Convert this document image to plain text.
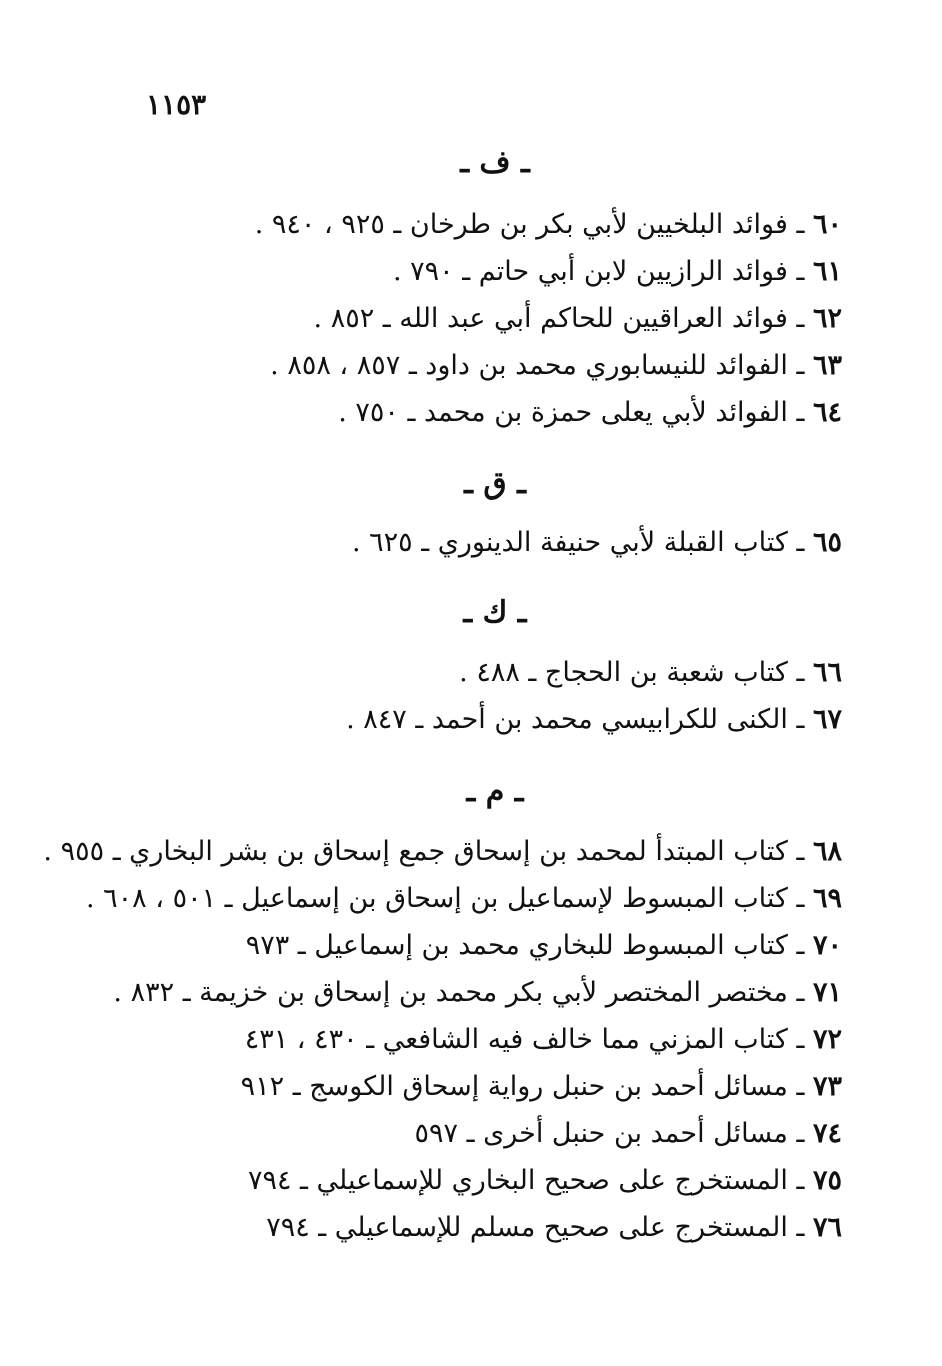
١١٥٣
ـ ف ـ
٦٠ ـ فوائد البلخيين لأبي بكر بن طرخان ـ ٩٢٥ ، ٩٤٠ .
٦١ ـ فوائد الرازيين لابن أبي حاتم ـ ٧٩٠ .
٦٢ ـ فوائد العراقيين للحاكم أبي عبد الله ـ ٨٥٢ .
٦٣ ـ الفوائد للنيسابوري محمد بن داود ـ ٨٥٧ ، ٨٥٨ .
٦٤ ـ الفوائد لأبي يعلى حمزة بن محمد ـ ٧٥٠ .
ـ ق ـ
٦٥ ـ كتاب القبلة لأبي حنيفة الدينوري ـ ٦٢٥ .
ـ ك ـ
٦٦ ـ كتاب شعبة بن الحجاج ـ ٤٨٨ .
٦٧ ـ الكنى للكرابيسي محمد بن أحمد ـ ٨٤٧ .
ـ م ـ
٦٨ ـ كتاب المبتدأ لمحمد بن إسحاق جمع إسحاق بن بشر البخاري ـ ٩٥٥ .
٦٩ ـ كتاب المبسوط لإسماعيل بن إسحاق بن إسماعيل ـ ٥٠١ ، ٦٠٨ .
٧٠ ـ كتاب المبسوط للبخاري محمد بن إسماعيل ـ ٩٧٣
٧١ ـ مختصر المختصر لأبي بكر محمد بن إسحاق بن خزيمة ـ ٨٣٢ .
٧٢ ـ كتاب المزني مما خالف فيه الشافعي ـ ٤٣٠ ، ٤٣١
٧٣ ـ مسائل أحمد بن حنبل رواية إسحاق الكوسج ـ ٩١٢
٧٤ ـ مسائل أحمد بن حنبل أخرى ـ ٥٩٧
٧٥ ـ المستخرج على صحيح البخاري للإسماعيلي ـ ٧٩٤
٧٦ ـ المستخرج على صحيح مسلم للإسماعيلي ـ ٧٩٤
